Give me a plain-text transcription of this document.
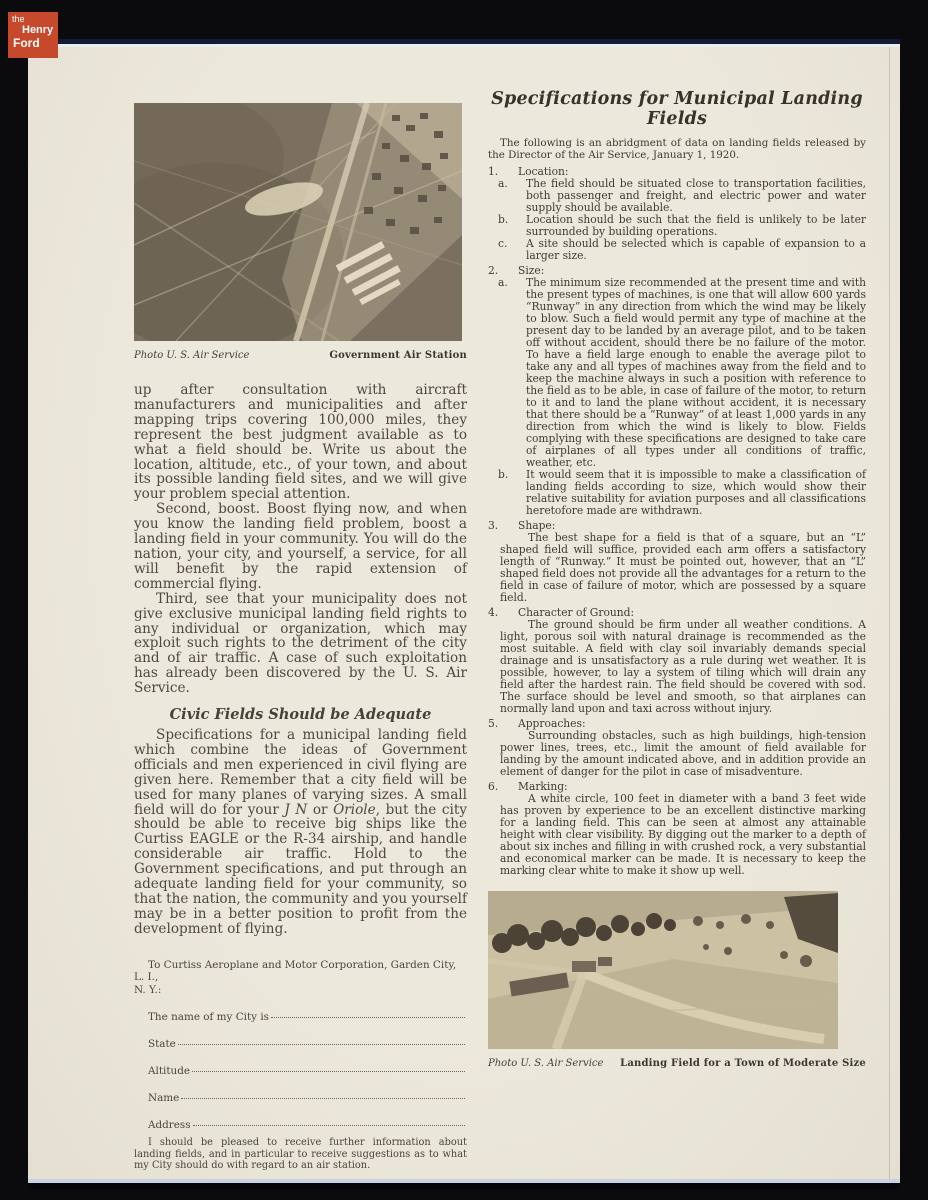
the
Henry
Ford
Photo U. S. Air Service	Government Air Station

up after consultation with aircraft manufacturers and municipalities and after mapping trips covering 100,000 miles, they represent the best judgment available as to what a field should be. Write us about the location, altitude, etc., of your town, and about its possible landing field sites, and we will give your problem special attention.

Second, boost. Boost flying now, and when you know the landing field problem, boost a landing field in your community. You will do the nation, your city, and yourself, a service, for all will benefit by the rapid extension of commercial flying.

Third, see that your municipality does not give exclusive municipal landing field rights to any individual or organization, which may exploit such rights to the detriment of the city and of air traffic. A case of such exploitation has already been discovered by the U. S. Air Service.

Civic Fields Should be Adequate

Specifications for a municipal landing field which combine the ideas of Government officials and men experienced in civil flying are given here. Remember that a city field will be used for many planes of varying sizes. A small field will do for your J N or Oriole, but the city should be able to receive big ships like the Curtiss EAGLE or the R-34 airship, and handle considerable air traffic. Hold to the Government specifications, and put through an adequate landing field for your community, so that the nation, the community and you yourself may be in a better position to profit from the development of flying.

To Curtiss Aeroplane and Motor Corporation, Garden City, L. I.,
N. Y.:
The name of my City is
State
Altitude
Name
Address
I should be pleased to receive further information about landing fields, and in particular to receive suggestions as to what my City should do with regard to an air station.
Specifications for Municipal Landing Fields
The following is an abridgment of data on landing fields released by the Director of the Air Service, January 1, 1920.
1. Location:
a. The field should be situated close to transportation facilities, both passenger and freight, and electric power and water supply should be available.
b. Location should be such that the field is unlikely to be later surrounded by building operations.
c. A site should be selected which is capable of expansion to a larger size.
2. Size:
a. The minimum size recommended at the present time and with the present types of machines, is one that will allow 600 yards “Runway” in any direction from which the wind may be likely to blow. Such a field would permit any type of machine at the present day to be landed by an average pilot, and to be taken off without accident, should there be no failure of the motor. To have a field large enough to enable the average pilot to take any and all types of machines away from the field and to keep the machine always in such a position with reference to the field as to be able, in case of failure of the motor, to return to it and to land the plane without accident, it is necessary that there should be a “Runway” of at least 1,000 yards in any direction from which the wind is likely to blow. Fields complying with these specifications are designed to take care of airplanes of all types under all conditions of traffic, weather, etc.
b. It would seem that it is impossible to make a classification of landing fields according to size, which would show their relative suitability for aviation purposes and all classifications heretofore made are withdrawn.
3. Shape:
The best shape for a field is that of a square, but an “L” shaped field will suffice, provided each arm offers a satisfactory length of “Runway.” It must be pointed out, however, that an “L” shaped field does not provide all the advantages for a return to the field in case of failure of motor, which are possessed by a square field.
4. Character of Ground:
The ground should be firm under all weather conditions. A light, porous soil with natural drainage is recommended as the most suitable. A field with clay soil invariably demands special drainage and is unsatisfactory as a rule during wet weather. It is possible, however, to lay a system of tiling which will drain any field after the hardest rain. The field should be covered with sod. The surface should be level and smooth, so that airplanes can normally land upon and taxi across without injury.
5. Approaches:
Surrounding obstacles, such as high buildings, high-tension power lines, trees, etc., limit the amount of field available for landing by the amount indicated above, and in addition provide an element of danger for the pilot in case of misadventure.
6. Marking:
A white circle, 100 feet in diameter with a band 3 feet wide has proven by experience to be an excellent distinctive marking for a landing field. This can be seen at almost any attainable height with clear visibility. By digging out the marker to a depth of about six inches and filling in with crushed rock, a very substantial and economical marker can be made. It is necessary to keep the marking clear white to make it show up well.
Photo U. S. Air Service Landing Field for a Town of Moderate Size
